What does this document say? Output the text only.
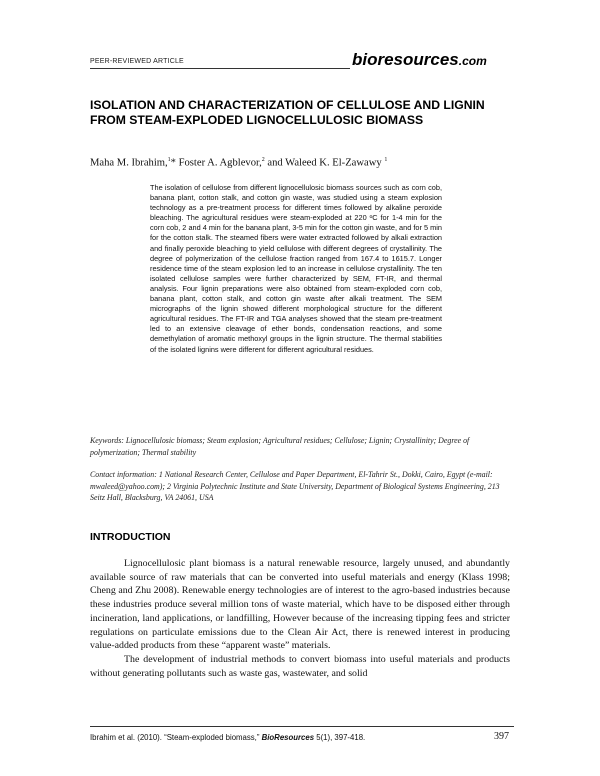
PEER-REVIEWED ARTICLE	bioresources.com
ISOLATION AND CHARACTERIZATION OF CELLULOSE AND LIGNIN FROM STEAM-EXPLODED LIGNOCELLULOSIC BIOMASS
Maha M. Ibrahim,$^1$* Foster A. Agblevor,$^2$ and Waleed K. El-Zawawy $^1$
The isolation of cellulose from different lignocellulosic biomass sources such as corn cob, banana plant, cotton stalk, and cotton gin waste, was studied using a steam explosion technology as a pre-treatment process for different times followed by alkaline peroxide bleaching. The agricultural residues were steam-exploded at 220 ºC for 1-4 min for the corn cob, 2 and 4 min for the banana plant, 3-5 min for the cotton gin waste, and for 5 min for the cotton stalk. The steamed fibers were water extracted followed by alkali extraction and finally peroxide bleaching to yield cellulose with different degrees of crystallinity. The degree of polymerization of the cellulose fraction ranged from 167.4 to 1615.7. Longer residence time of the steam explosion led to an increase in cellulose crystallinity. The ten isolated cellulose samples were further characterized by SEM, FT-IR, and thermal analysis. Four lignin preparations were also obtained from steam-exploded corn cob, banana plant, cotton stalk, and cotton gin waste after alkali treatment. The SEM micrographs of the lignin showed different morphological structure for the different agricultural residues. The FT-IR and TGA analyses showed that the steam pre-treatment led to an extensive cleavage of ether bonds, condensation reactions, and some demethylation of aromatic methoxyl groups in the lignin structure. The thermal stabilities of the isolated lignins were different for different agricultural residues.
Keywords: Lignocellulosic biomass; Steam explosion; Agricultural residues; Cellulose; Lignin; Crystallinity; Degree of polymerization; Thermal stability
Contact information: 1 National Research Center, Cellulose and Paper Department, El-Tahrir St., Dokki, Cairo, Egypt (e-mail: mwaleed@yahoo.com); 2 Virginia Polytechnic Institute and State University, Department of Biological Systems Engineering, 213 Seitz Hall, Blacksburg, VA 24061, USA
INTRODUCTION

Lignocellulosic plant biomass is a natural renewable resource, largely unused, and abundantly available source of raw materials that can be converted into useful materials and energy (Klass 1998; Cheng and Zhu 2008). Renewable energy technologies are of interest to the agro-based industries because these industries produce several million tons of waste material, which have to be disposed either through incineration, land applications, or landfilling, However because of the increasing tipping fees and stricter regulations on particulate emissions due to the Clean Air Act, there is renewed interest in producing value-added products from these “apparent waste” materials.

The development of industrial methods to convert biomass into useful materials and products without generating pollutants such as waste gas, wastewater, and solid

Ibrahim et al. (2010). “Steam-exploded biomass,” BioResources 5(1), 397-418.	397
